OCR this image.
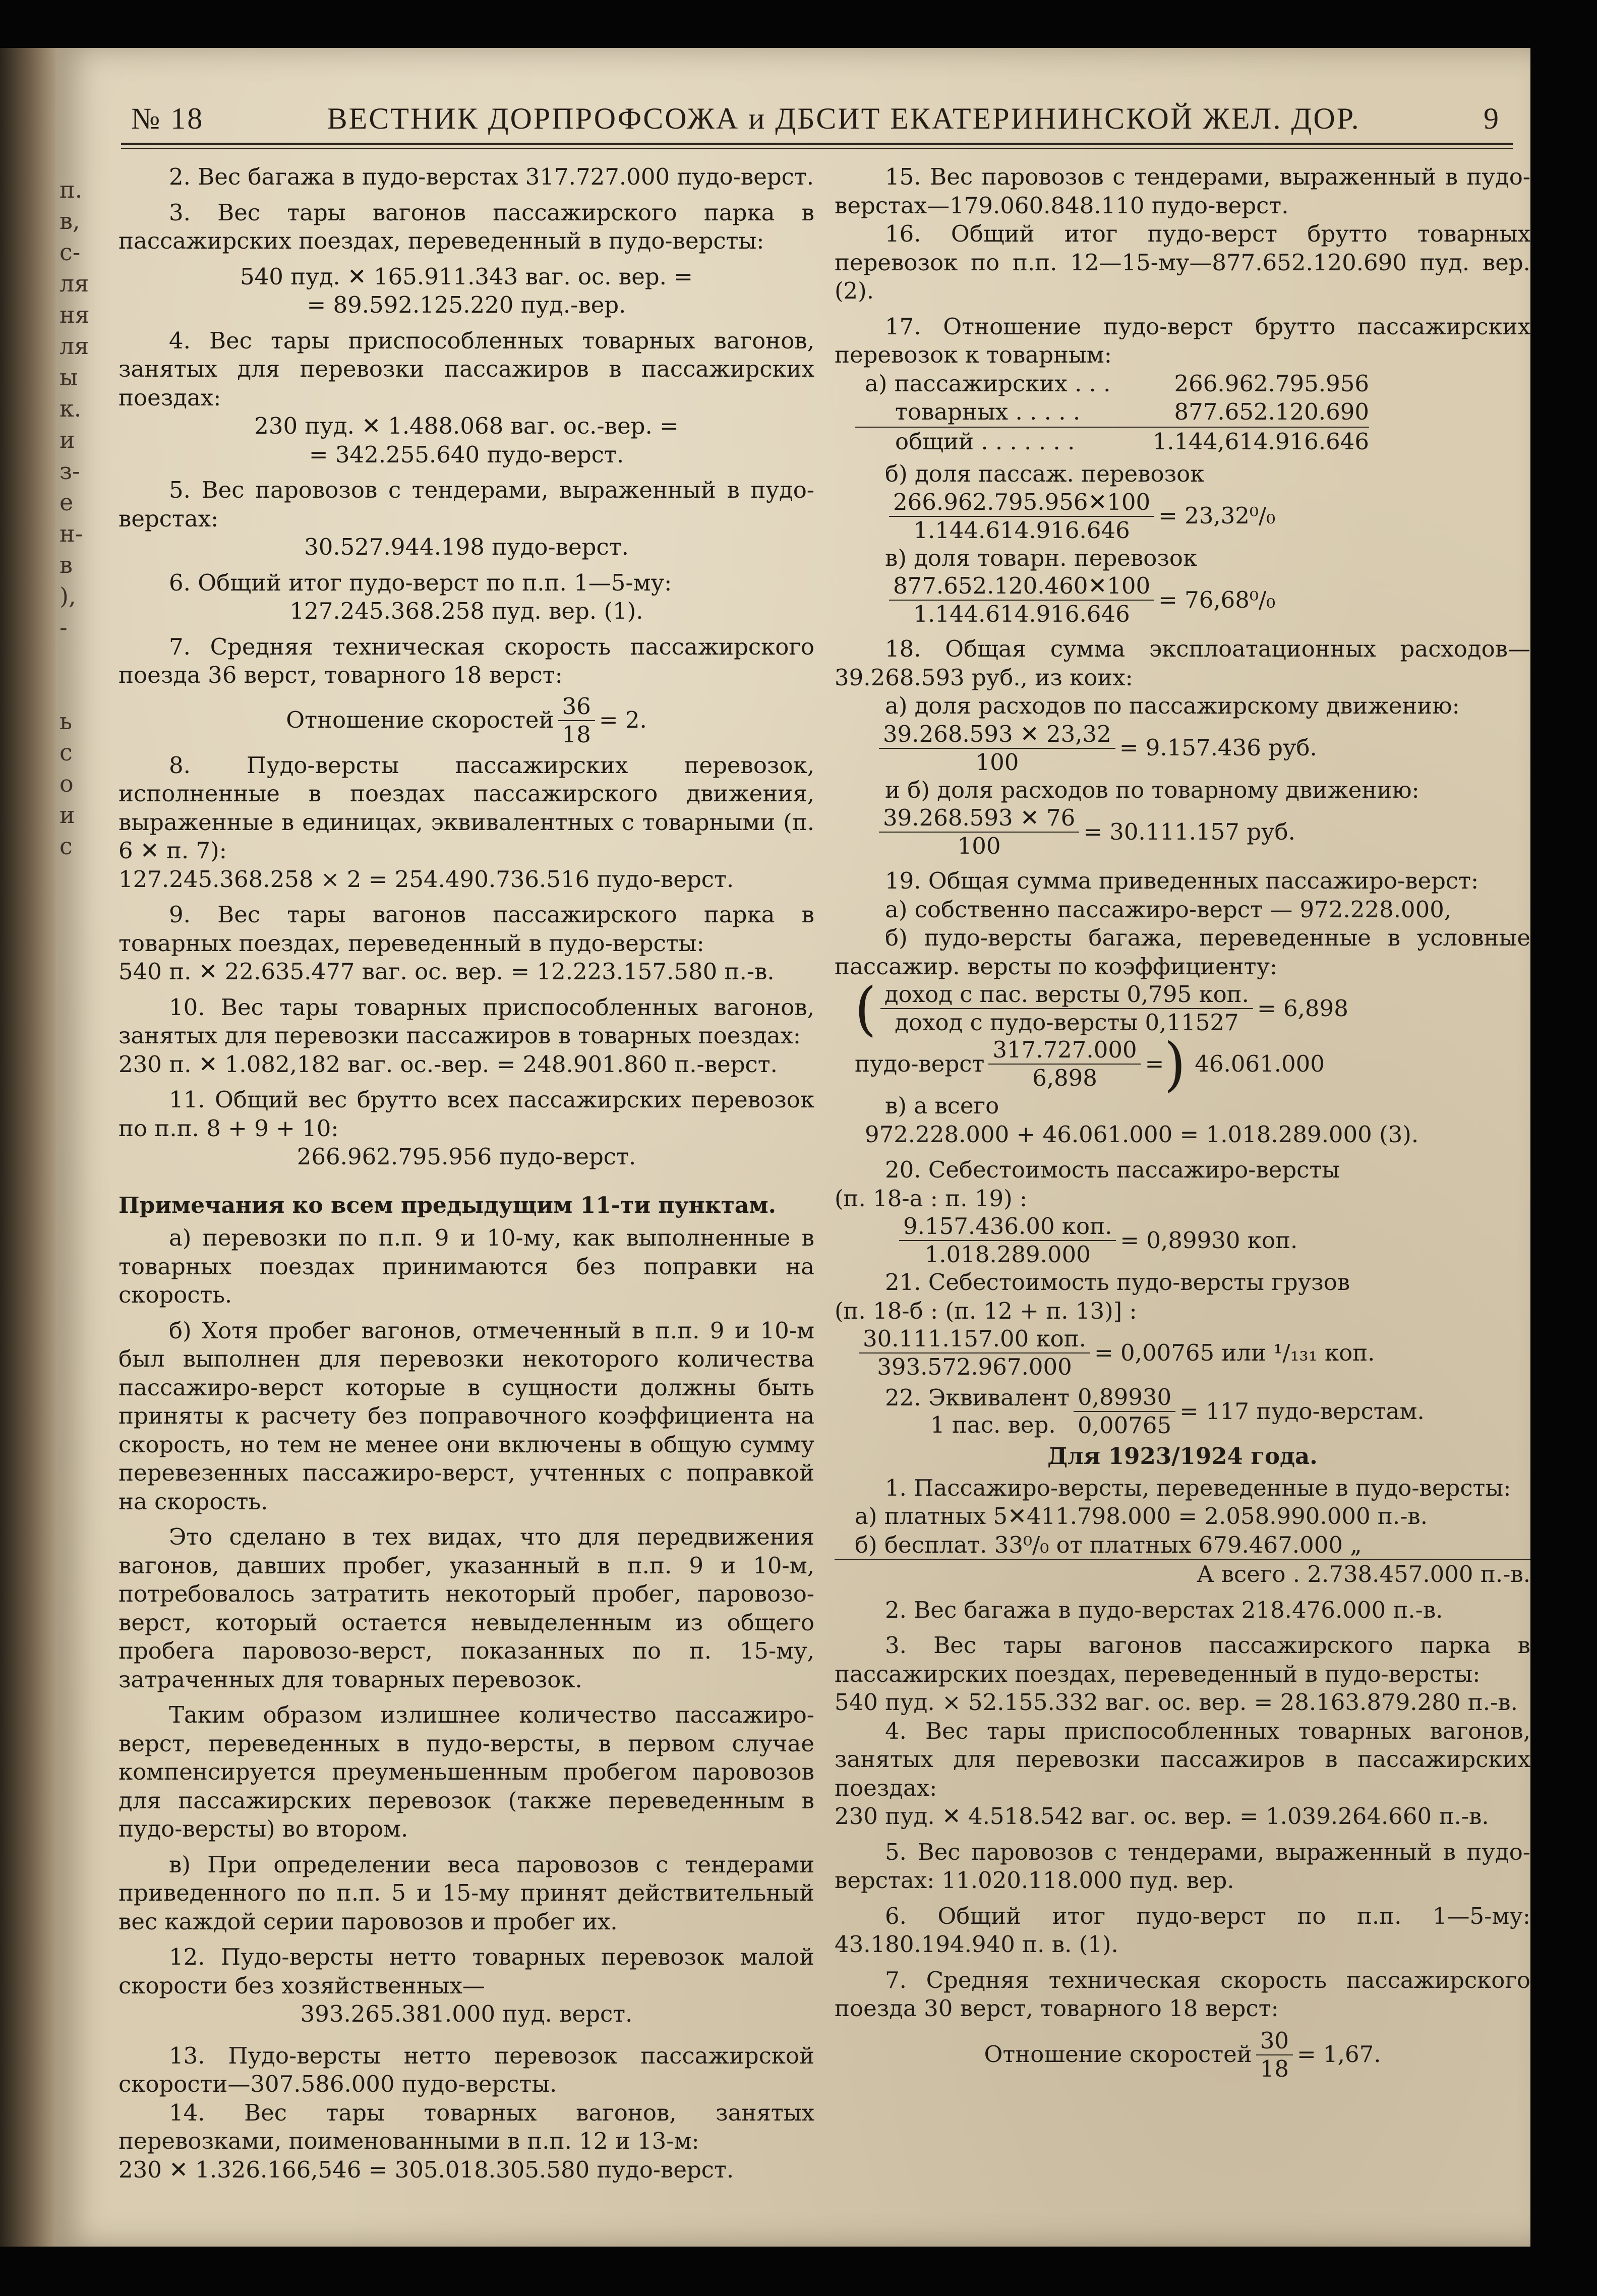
п.
в,
с-
ля
ня
ля
ы
к.
и
з-
е
н-
в
),
-
ь
с
о
и
с
№ 18	ВЕСТНИК ДОРПРОФСОЖА и ДБСИТ ЕКАТЕРИНИНСКОЙ ЖЕЛ. ДОР.	9

2. Вес багажа в пудо-верстах 317.727.000 пудо-верст.

3. Вес тары вагонов пассажирского парка в пассажирских поездах, переведенный в пудо-версты:

540 пуд. ✕ 165.911.343 ваг. ос. вер. =

= 89.592.125.220 пуд.-вер.

4. Вес тары приспособленных товарных вагонов, занятых для перевозки пассажиров в пассажирских поездах:

230 пуд. ✕ 1.488.068 ваг. ос.-вер. =

= 342.255.640 пудо-верст.

5. Вес паровозов с тендерами, выраженный в пудо-верстах:

30.527.944.198 пудо-верст.

6. Общий итог пудо-верст по п.п. 1—5-му:

127.245.368.258 пуд. вер. (1).

7. Средняя техническая скорость пассажирского поезда 36 верст, товарного 18 верст:

Отношение скоростей $\frac{36}{18} = 2$.

8. Пудо-версты пассажирских перевозок, исполненные в поездах пассажирского движения, выраженные в единицах, эквивалентных с товарными (п. 6 ✕ п. 7):

127.245.368.258 × 2 = 254.490.736.516 пудо-верст.

9. Вес тары вагонов пассажирского парка в товарных поездах, переведенный в пудо-версты:

540 п. ✕ 22.635.477 ваг. ос. вер. = 12.223.157.580 п.-в.

10. Вес тары товарных приспособленных вагонов, занятых для перевозки пассажиров в товарных поездах:

230 п. ✕ 1.082,182 ваг. ос.-вер. = 248.901.860 п.-верст.

11. Общий вес брутто всех пассажирских перевозок по п.п. 8 + 9 + 10:

266.962.795.956 пудо-верст.

Примечания ко всем предыдущим 11-ти пунктам.

а) перевозки по п.п. 9 и 10-му, как выполненные в товарных поездах принимаются без поправки на скорость.

б) Хотя пробег вагонов, отмеченный в п.п. 9 и 10-м был выполнен для перевозки некоторого количества пассажиро-верст которые в сущности должны быть приняты к расчету без поправочного коэффициента на скорость, но тем не менее они включены в общую сумму перевезенных пассажиро-верст, учтенных с поправкой на скорость.

Это сделано в тех видах, что для передвижения вагонов, давших пробег, указанный в п.п. 9 и 10-м, потребовалось затратить некоторый пробег, паровозо-верст, который остается невыделенным из общего пробега паровозо-верст, показанных по п. 15-му, затраченных для товарных перевозок.

Таким образом излишнее количество пассажиро-верст, переведенных в пудо-версты, в первом случае компенсируется преуменьшенным пробегом паровозов для пассажирских перевозок (также переведенным в пудо-версты) во втором.

в) При определении веса паровозов с тендерами приведенного по п.п. 5 и 15-му принят действительный вес каждой серии паровозов и пробег их.

12. Пудо-версты нетто товарных перевозок малой скорости без хозяйственных—

393.265.381.000 пуд. верст.

13. Пудо-версты нетто перевозок пассажирской скорости—307.586.000 пудо-версты.

14. Вес тары товарных вагонов, занятых перевозками, поименованными в п.п. 12 и 13-м:

230 ✕ 1.326.166,546 = 305.018.305.580 пудо-верст.

15. Вес паровозов с тендерами, выраженный в пудо-верстах—179.060.848.110 пудо-верст.

16. Общий итог пудо-верст брутто товарных перевозок по п.п. 12—15-му—877.652.120.690 пуд. вер. (2).

17. Отношение пудо-верст брутто пассажирских перевозок к товарным:

а) пассажирских . . .	266.962.795.956
товарных . . . . .	877.652.120.690
общий . . . . . . .	1.144,614.916.646

б) доля пассаж. перевозок

$\frac{266.962.795.956✕100}{1.144.614.916.646} = 23,32^0/_0$

в) доля товарн. перевозок

$\frac{877.652.120.460✕100}{1.144.614.916.646} = 76,68^0/_0$

18. Общая сумма эксплоатационных расходов—39.268.593 руб., из коих:

а) доля расходов по пассажирскому движению:

$\frac{39.268.593 ✕ 23,32}{100} = 9.157.436$ руб.

и б) доля расходов по товарному движению:

$\frac{39.268.593 ✕ 76}{100} = 30.111.157$ руб.

19. Общая сумма приведенных пассажиро-верст:

а) собственно пассажиро-верст — 972.228.000,

б) пудо-версты багажа, переведенные в условные пассажир. версты по коэффициенту:

( $\frac{\text{доход с пас. версты 0,795 коп.}}{\text{доход с пудо-версты 0,11527}} = 6,898$
пудо-верст $\frac{317.727.000}{6,898}$ = ) 46.061.000

в) а всего

972.228.000 + 46.061.000 = 1.018.289.000 (3).

20. Себестоимость пассажиро-версты

(п. 18-а : п. 19) :

$\frac{\text{9.157.436.00 коп.}}{1.018.289.000} = 0,89930$ коп.

21. Себестоимость пудо-версты грузов

(п. 18-б : (п. 12 + п. 13)] :

$\frac{\text{30.111.157.00 коп.}}{393.572.967.000} = 0,00765$ или ¹/₁₃₁ коп.
22. Эквивалент
1 пас. вер. $\frac{0,89930}{0,00765} = 117$ пудо-верстам.

Для 1923/1924 года.

1. Пассажиро-версты, переведенные в пудо-версты:

а) платных 5✕411.798.000 = 2.058.990.000 п.-в.

б) бесплат. 33⁰/₀ от платных 679.467.000 „

А всего . 2.738.457.000 п.-в.

2. Вес багажа в пудо-верстах 218.476.000 п.-в.

3. Вес тары вагонов пассажирского парка в пассажирских поездах, переведенный в пудо-версты:

540 пуд. × 52.155.332 ваг. ос. вер. = 28.163.879.280 п.-в.

4. Вес тары приспособленных товарных вагонов, занятых для перевозки пассажиров в пассажирских поездах:

230 пуд. ✕ 4.518.542 ваг. ос. вер. = 1.039.264.660 п.-в.

5. Вес паровозов с тендерами, выраженный в пудо-верстах: 11.020.118.000 пуд. вер.

6. Общий итог пудо-верст по п.п. 1—5-му: 43.180.194.940 п. в. (1).

7. Средняя техническая скорость пассажирского поезда 30 верст, товарного 18 верст:

Отношение скоростей $\frac{30}{18} = 1,67$.
